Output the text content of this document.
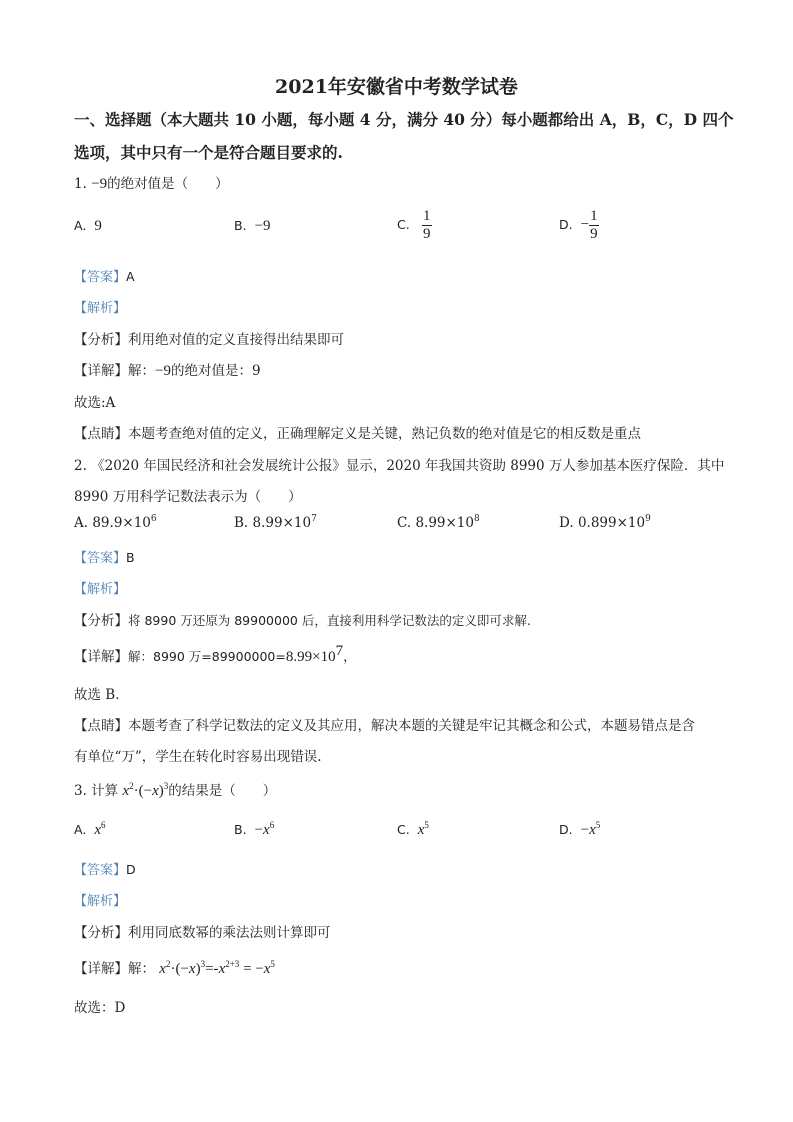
2021年安徽省中考数学试卷
一、选择题（本大题共 10 小题，每小题 4 分，满分 40 分）每小题都给出 A，B，C，D 四个
选项，其中只有一个是符合题目要求的.
1. −9的绝对值是（　　）
A. 9	B. −9	C. $\frac{1}{9}$	D. − $\frac{1}{9}$
【答案】A
【解析】
【分析】利用绝对值的定义直接得出结果即可
【详解】解：−9的绝对值是：9
故选:A
【点睛】本题考查绝对值的定义，正确理解定义是关键，熟记负数的绝对值是它的相反数是重点
2. 《2020 年国民经济和社会发展统计公报》显示，2020 年我国共资助 8990 万人参加基本医疗保险．其中
8990 万用科学记数法表示为（　　）
A. $89.9\times 10^6$	B. $8.99\times 10^7$	C. $8.99\times 10^8$	D. $0.899\times 10^9$
【答案】B
【解析】
【分析】将 8990 万还原为 89900000 后，直接利用科学记数法的定义即可求解.
【详解】解：8990 万$=89900000=8.99\times 10^7$，
故选 B．
【点睛】本题考查了科学记数法的定义及其应用，解决本题的关键是牢记其概念和公式，本题易错点是含
有单位“万”，学生在转化时容易出现错误.
3. 计算 $x^2\cdot(-x)^3$的结果是（　　）
A. $x^6$	B. $-x^6$	C. $x^5$	D. $-x^5$
【答案】D
【解析】
【分析】利用同底数幂的乘法法则计算即可
【详解】解： $x^2\cdot(-x)^3=-x^{2+3} = -x^5$
故选：D
